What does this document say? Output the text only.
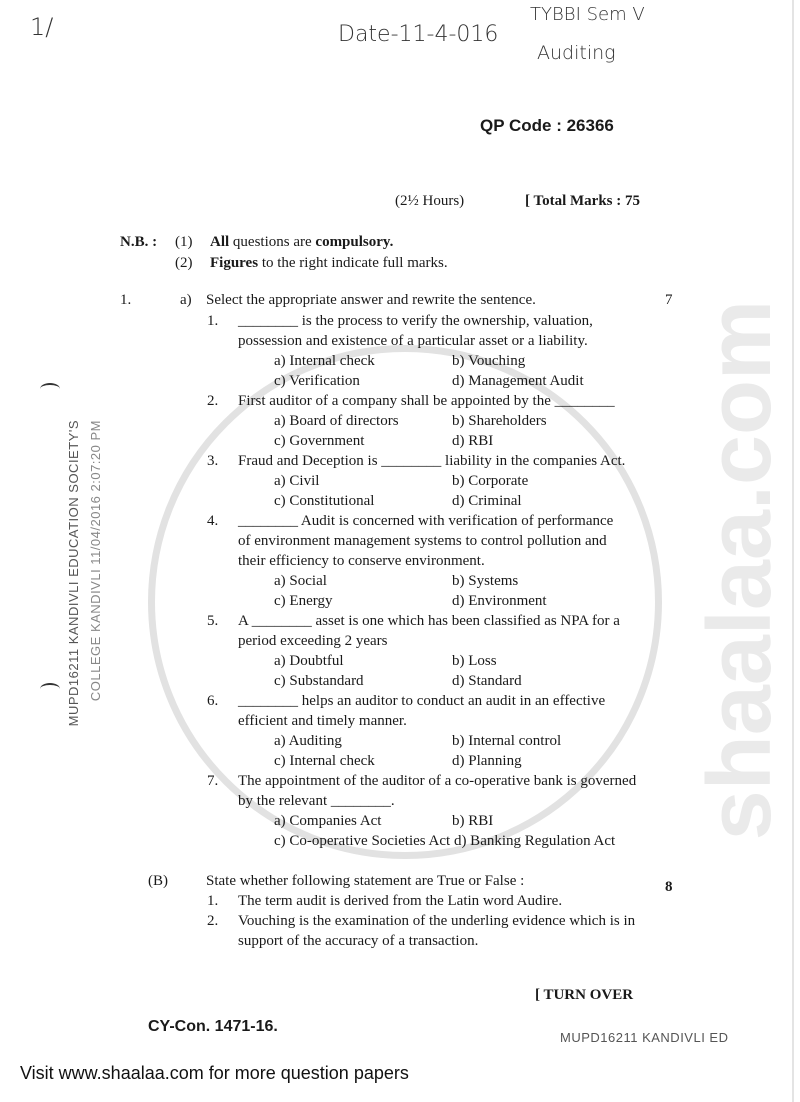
shaalaa.com
MUPD16211 KANDIVLI ED
MUPD16211 KANDIVLI EDUCATION SOCIETY'S COLLEGE KANDIVLI 11/04/2016 2:07:20 PM
1/	Date-11-4-016
TYBBI Sem V
Auditing
QP Code : 26366
(2½ Hours)	[ Total Marks : 75
N.B. : (1) All questions are compulsory.
(2) Figures to the right indicate full marks.
1.	a) Select the appropriate answer and rewrite the sentence.	7
1. ________ is the process to verify the ownership, valuation,
possession and existence of a particular asset or a liability.
a) Internal check	b) Vouching
c) Verification	d) Management Audit
2. First auditor of a company shall be appointed by the ________
a) Board of directors	b) Shareholders
c) Government	d) RBI
3. Fraud and Deception is ________ liability in the companies Act.
a) Civil	b) Corporate
c) Constitutional	d) Criminal
4. ________ Audit is concerned with verification of performance
of environment management systems to control pollution and
their efficiency to conserve environment.
a) Social	b) Systems
c) Energy	d) Environment
5. A ________ asset is one which has been classified as NPA for a
period exceeding 2 years
a) Doubtful	b) Loss
c) Substandard	d) Standard
6. ________ helps an auditor to conduct an audit in an effective
efficient and timely manner.
a) Auditing	b) Internal control
c) Internal check	d) Planning
7. The appointment of the auditor of a co-operative bank is governed
by the relevant ________.
a) Companies Act	b) RBI
c) Co-operative Societies Act d) Banking Regulation Act
(B)	State whether following statement are True or False :	8
1. The term audit is derived from the Latin word Audire.
2. Vouching is the examination of the underling evidence which is in
support of the accuracy of a transaction.
[ TURN OVER
CY-Con. 1471-16.
Visit www.shaalaa.com for more question papers
